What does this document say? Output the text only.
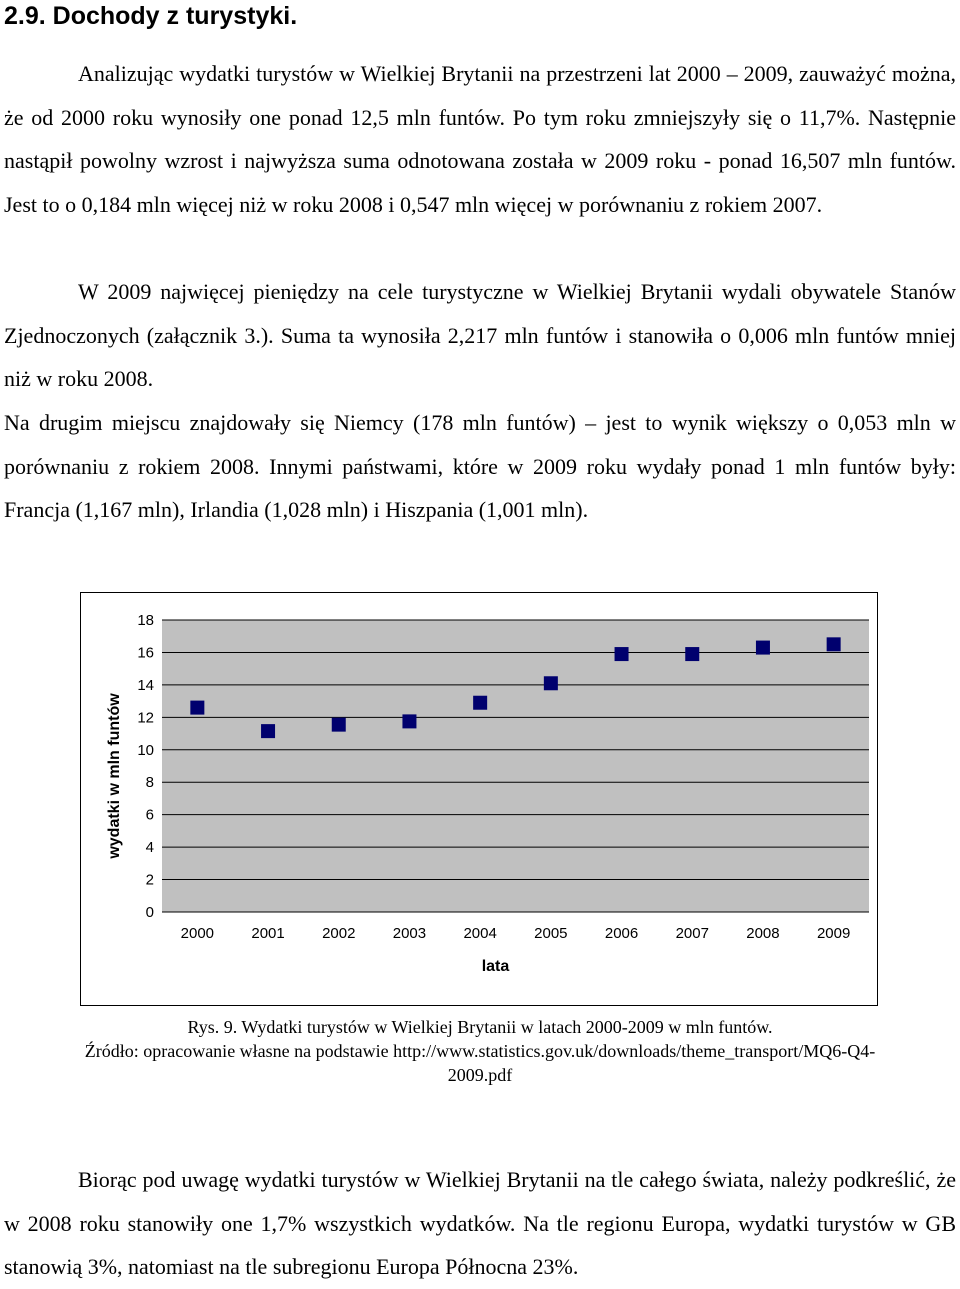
2.9. Dochody z turystyki.

Analizując wydatki turystów w Wielkiej Brytanii na przestrzeni lat 2000 – 2009, zauważyć można, że od 2000 roku wynosiły one ponad 12,5 mln funtów. Po tym roku zmniejszyły się o 11,7%. Następnie nastąpił powolny wzrost i najwyższa suma odnotowana została w 2009 roku - ponad 16,507 mln funtów. Jest to o 0,184 mln więcej niż w roku 2008 i 0,547 mln więcej w porównaniu z rokiem 2007.

W 2009 najwięcej pieniędzy na cele turystyczne w Wielkiej Brytanii wydali obywatele Stanów Zjednoczonych (załącznik 3.). Suma ta wynosiła 2,217 mln funtów i stanowiła o 0,006 mln funtów mniej niż w roku 2008.

Na drugim miejscu znajdowały się Niemcy (178 mln funtów) – jest to wynik większy o 0,053 mln w porównaniu z rokiem 2008. Innymi państwami, które w 2009 roku wydały ponad 1 mln funtów były: Francja (1,167 mln), Irlandia (1,028 mln) i Hiszpania (1,001 mln).

0
2
4
6
8
10
12
14
16
18
2000 2001 2002 2003 2004 2005 2006 2007 2008 2009
lata
wydatki w mln funtów
Rys. 9. Wydatki turystów w Wielkiej Brytanii w latach 2000-2009 w mln funtów.
Źródło: opracowanie własne na podstawie http://www.statistics.gov.uk/downloads/theme_transport/MQ6-Q4-
2009.pdf

Biorąc pod uwagę wydatki turystów w Wielkiej Brytanii na tle całego świata, należy podkreślić, że w 2008 roku stanowiły one 1,7% wszystkich wydatków. Na tle regionu Europa, wydatki turystów w GB stanowią 3%, natomiast na tle subregionu Europa Północna 23%.
